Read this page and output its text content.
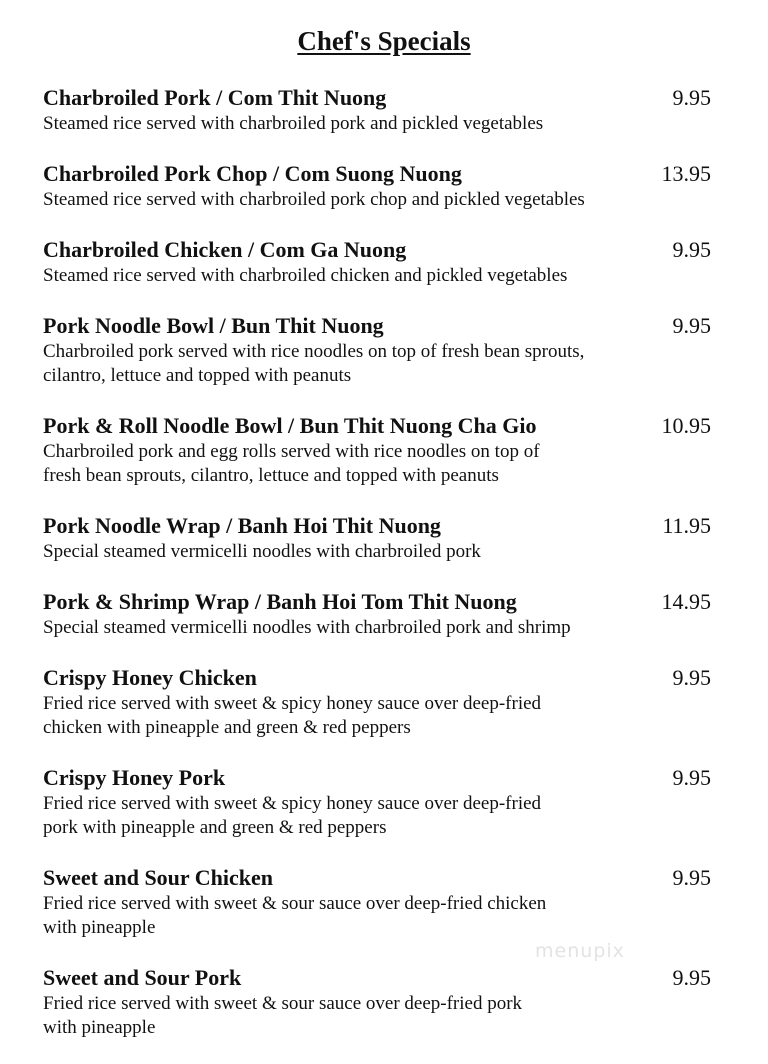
Chef's Specials
Charbroiled Pork / Com Thit Nuong	9.95
Steamed rice served with charbroiled pork and pickled vegetables
Charbroiled Pork Chop / Com Suong Nuong	13.95
Steamed rice served with charbroiled pork chop and pickled vegetables
Charbroiled Chicken / Com Ga Nuong	9.95
Steamed rice served with charbroiled chicken and pickled vegetables
Pork Noodle Bowl / Bun Thit Nuong	9.95
Charbroiled pork served with rice noodles on top of fresh bean sprouts,
cilantro, lettuce and topped with peanuts
Pork & Roll Noodle Bowl / Bun Thit Nuong Cha Gio	10.95
Charbroiled pork and egg rolls served with rice noodles on top of
fresh bean sprouts, cilantro, lettuce and topped with peanuts
Pork Noodle Wrap / Banh Hoi Thit Nuong	11.95
Special steamed vermicelli noodles with charbroiled pork
Pork & Shrimp Wrap / Banh Hoi Tom Thit Nuong	14.95
Special steamed vermicelli noodles with charbroiled pork and shrimp
Crispy Honey Chicken	9.95
Fried rice served with sweet & spicy honey sauce over deep-fried
chicken with pineapple and green & red peppers
Crispy Honey Pork	9.95
Fried rice served with sweet & spicy honey sauce over deep-fried
pork with pineapple and green & red peppers
Sweet and Sour Chicken	9.95
Fried rice served with sweet & sour sauce over deep-fried chicken
with pineapple
Sweet and Sour Pork	9.95
Fried rice served with sweet & sour sauce over deep-fried pork
with pineapple
menupix
